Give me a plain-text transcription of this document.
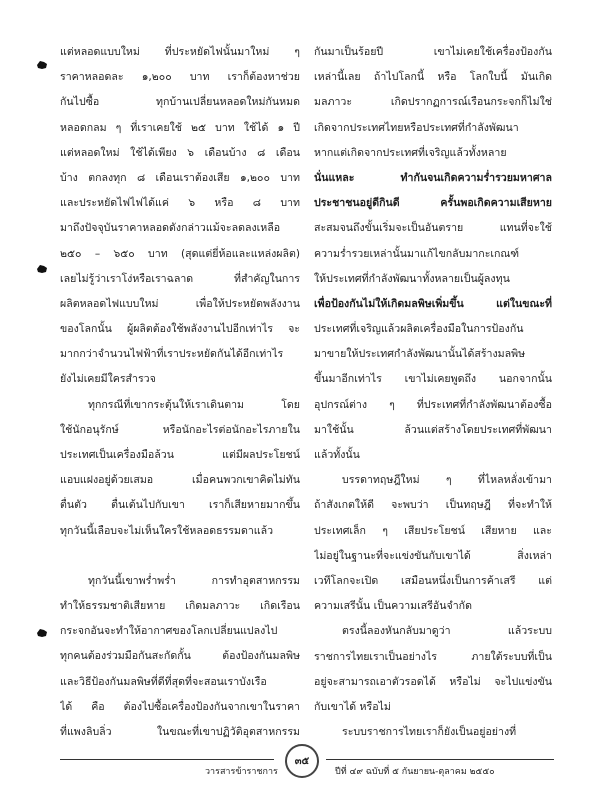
แต่หลอดแบบใหม่ ที่ประหยัดไฟนั้นมาใหม่ ๆ
ราคาหลอดละ ๑,๒๐๐ บาท เราก็ต้องหาช่วย
กันไปซื้อ ทุกบ้านเปลี่ยนหลอดใหม่กันหมด
หลอดกลม ๆ ที่เราเคยใช้ ๒๕ บาท ใช้ได้ ๑ ปี
แต่หลอดใหม่ ใช้ได้เพียง ๖ เดือนบ้าง ๘ เดือน
บ้าง ตกลงทุก ๘ เดือนเราต้องเสีย ๑,๒๐๐ บาท
และประหยัดไฟไฟได้แค่ ๖ หรือ ๘ บาท
มาถึงปัจจุบันราคาหลอดดังกล่าวแม้จะลดลงเหลือ
๒๕๐ – ๖๕๐ บาท (สุดแต่ยี่ห้อและแหล่งผลิต)
เลยไม่รู้ว่าเราโง่หรือเราฉลาด ที่สำคัญในการ
ผลิตหลอดไฟแบบใหม่ เพื่อให้ประหยัดพลังงาน
ของโลกนั้น ผู้ผลิตต้องใช้พลังงานไปอีกเท่าไร จะ
มากกว่าจำนวนไฟฟ้าที่เราประหยัดกันได้อีกเท่าไร
ยังไม่เคยมีใครสำรวจ
ทุกกรณีที่เขากระตุ้นให้เราเดินตาม โดย
ใช้นักอนุรักษ์ หรือนักอะไรต่อนักอะไรภายใน
ประเทศเป็นเครื่องมือล้วน แต่มีผลประโยชน์
แอบแฝงอยู่ด้วยเสมอ เมื่อคนพวกเขาคิดไม่ทัน
ตื่นตัว ตื่นเต้นไปกับเขา เราก็เสียหายมากขึ้น
ทุกวันนี้เลือบจะไม่เห็นใครใช้หลอดธรรมดาแล้ว
ทุกวันนี้เขาพร่ำพร่ำ การทำอุตสาหกรรม
ทำให้ธรรมชาติเสียหาย เกิดมลภาวะ เกิดเรือน
กระจกอันจะทำให้อากาศของโลกเปลี่ยนแปลงไป
ทุกคนต้องร่วมมือกันสะกัดกั้น ต้องป้องกันมลพิษ
และวิธีป้องกันมลพิษที่ดีที่สุดที่จะสอนเราบังเรือ
ได้ คือ ต้องไปซื้อเครื่องป้องกันจากเขาในราคา
ที่แพงลิบลิ่ว ในขณะที่เขาปฏิวัติอุตสาหกรรม
กันมาเป็นร้อยปี เขาไม่เคยใช้เครื่องป้องกัน
เหล่านี้เลย ถ้าไปโลกนี้ หรือ โลกใบนี้ มันเกิด
มลภาวะ เกิดปรากฏการณ์เรือนกระจกก็ไม่ใช่
เกิดจากประเทศไทยหรือประเทศที่กำลังพัฒนา
หากแต่เกิดจากประเทศที่เจริญแล้วทั้งหลาย
นั่นแหละ ทำกันจนเกิดความร่ำรวยมหาศาล
ประชาชนอยู่ดีกินดี ครั้นพอเกิดความเสียหาย
สะสมจนถึงขั้นเริ่มจะเป็นอันตราย แทนที่จะใช้
ความร่ำรวยเหล่านั้นมาแก้ไขกลับมากะเกณฑ์
ให้ประเทศที่กำลังพัฒนาทั้งหลายเป็นผู้ลงทุน
เพื่อป้องกันไม่ให้เกิดมลพิษเพิ่มขึ้น แต่ในขณะที่
ประเทศที่เจริญแล้วผลิตเครื่องมือในการป้องกัน
มาขายให้ประเทศกำลังพัฒนานั้นได้สร้างมลพิษ
ขึ้นมาอีกเท่าไร เขาไม่เคยพูดถึง นอกจากนั้น
อุปกรณ์ต่าง ๆ ที่ประเทศที่กำลังพัฒนาต้องซื้อ
มาใช้นั้น ล้วนแต่สร้างโดยประเทศที่พัฒนา
แล้วทั้งนั้น
บรรดาทฤษฎีใหม่ ๆ ที่ไหลหลั่งเข้ามา
ถ้าสังเกตให้ดี จะพบว่า เป็นทฤษฎี ที่จะทำให้
ประเทศเล็ก ๆ เสียประโยชน์ เสียหาย และ
ไม่อยู่ในฐานะที่จะแข่งขันกับเขาได้ สิ่งเหล่า
เวทีโลกจะเปิด เสมือนหนึ่งเป็นการค้าเสรี แต่
ความเสรีนั้น เป็นความเสรีอันจำกัด
ตรงนี้ลองหันกลับมาดูว่า แล้วระบบ
ราชการไทยเราเป็นอย่างไร ภายใต้ระบบที่เป็น
อยู่จะสามารถเอาตัวรอดได้ หรือไม่ จะไปแข่งขัน
กับเขาได้ หรือไม่
ระบบราชการไทยเราก็ยังเป็นอยู่อย่างที่
วารสารข้าราชการ	ปีที่ ๔๙ ฉบับที่ ๕ กันยายน-ตุลาคม ๒๕๕๐
๓๕
